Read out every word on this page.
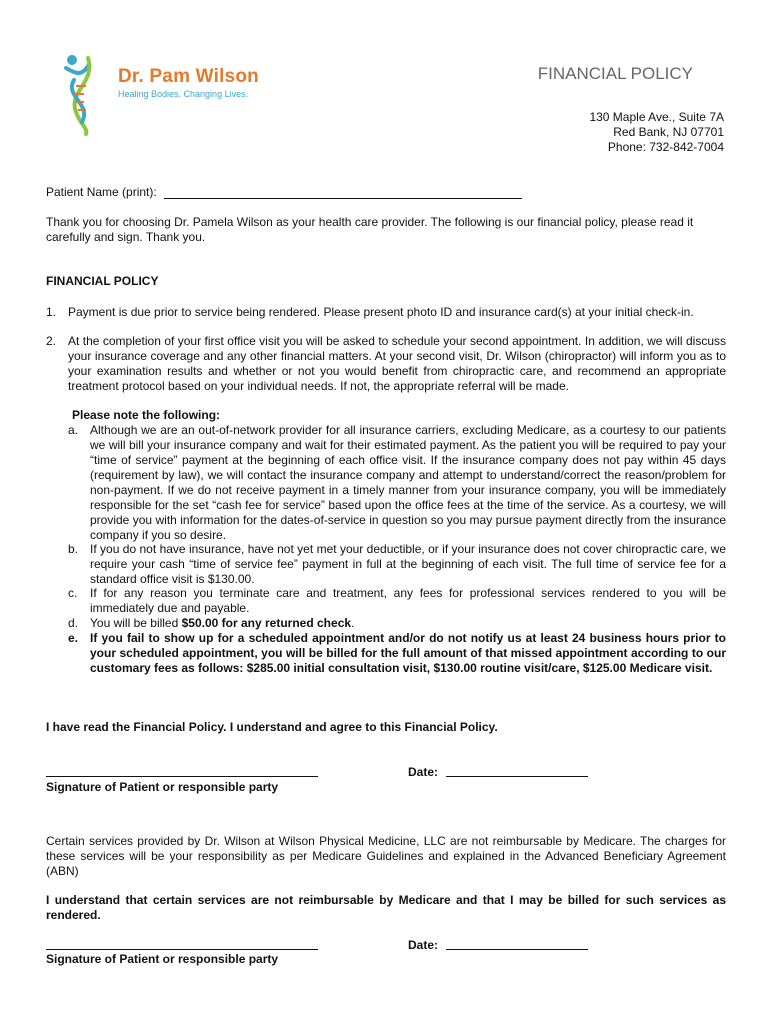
Dr. Pam Wilson
Healing Bodies. Changing Lives.
FINANCIAL POLICY
130 Maple Ave., Suite 7A
Red Bank, NJ 07701
Phone: 732-842-7004
Patient Name (print):
Thank you for choosing Dr. Pamela Wilson as your health care provider. The following is our financial policy, please read it carefully and sign. Thank you.
FINANCIAL POLICY
1. Payment is due prior to service being rendered. Please present photo ID and insurance card(s) at your initial check-in.
2. At the completion of your first office visit you will be asked to schedule your second appointment. In addition, we will discuss your insurance coverage and any other financial matters. At your second visit, Dr. Wilson (chiropractor) will inform you as to your examination results and whether or not you would benefit from chiropractic care, and recommend an appropriate treatment protocol based on your individual needs. If not, the appropriate referral will be made.
Please note the following:
a. Although we are an out-of-network provider for all insurance carriers, excluding Medicare, as a courtesy to our patients we will bill your insurance company and wait for their estimated payment. As the patient you will be required to pay your “time of service” payment at the beginning of each office visit. If the insurance company does not pay within 45 days (requirement by law), we will contact the insurance company and attempt to understand/correct the reason/problem for non-payment. If we do not receive payment in a timely manner from your insurance company, you will be immediately responsible for the set “cash fee for service” based upon the office fees at the time of the service. As a courtesy, we will provide you with information for the dates-of-service in question so you may pursue payment directly from the insurance company if you so desire.
b. If you do not have insurance, have not yet met your deductible, or if your insurance does not cover chiropractic care, we require your cash “time of service fee” payment in full at the beginning of each visit. The full time of service fee for a standard office visit is $130.00.
c.	If for any reason you terminate care and treatment, any fees for professional services rendered to you will be immediately due and payable.
d. You will be billed $50.00 for any returned check.
e. If you fail to show up for a scheduled appointment and/or do not notify us at least 24 business hours prior to your scheduled appointment, you will be billed for the full amount of that missed appointment according to our customary fees as follows: $285.00 initial consultation visit, $130.00 routine visit/care, $125.00 Medicare visit.
I have read the Financial Policy. I understand and agree to this Financial Policy.
Date:
Signature of Patient or responsible party
Certain services provided by Dr. Wilson at Wilson Physical Medicine, LLC are not reimbursable by Medicare. The charges for these services will be your responsibility as per Medicare Guidelines and explained in the Advanced Beneficiary Agreement (ABN)
I understand that certain services are not reimbursable by Medicare and that I may be billed for such services as rendered.
Date:
Signature of Patient or responsible party
